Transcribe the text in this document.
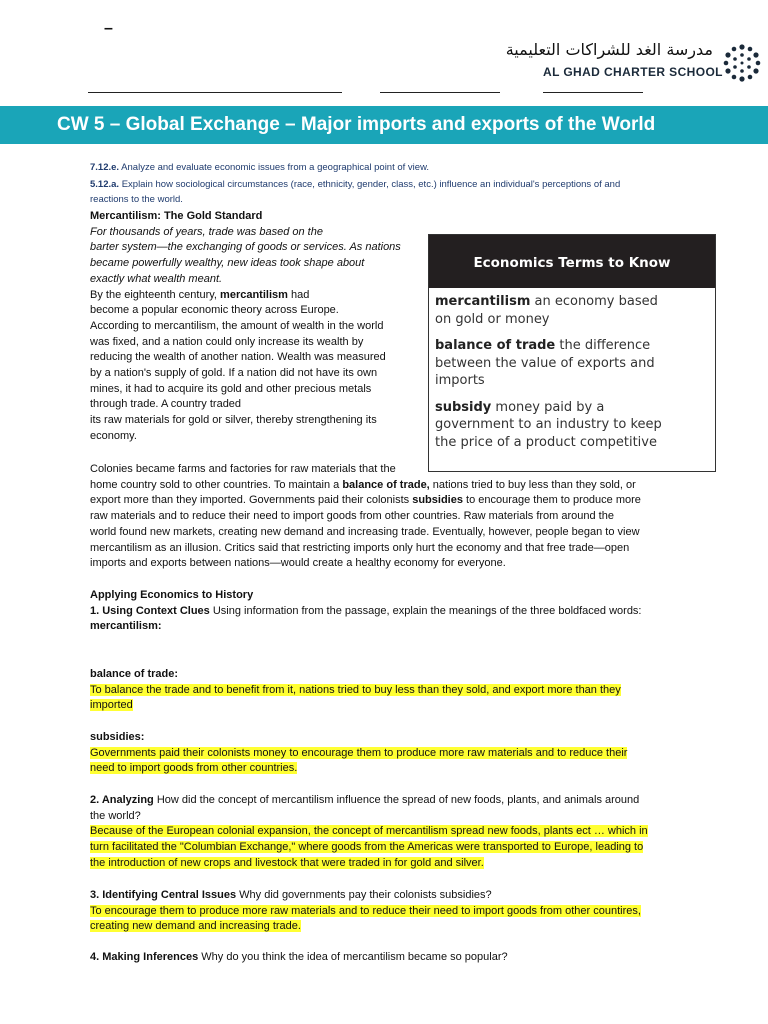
–
مدرسة الغد للشراكات التعليمية
AL GHAD CHARTER SCHOOL
CW 5 – Global Exchange – Major imports and exports of the World
7.12.e. Analyze and evaluate economic issues from a geographical point of view.
5.12.a. Explain how sociological circumstances (race, ethnicity, gender, class, etc.) influence an individual's perceptions of and
reactions to the world.
Mercantilism: The Gold Standard
For thousands of years, trade was based on the
barter system—the exchanging of goods or services. As nations
became powerfully wealthy, new ideas took shape about
exactly what wealth meant.
By the eighteenth century, mercantilism had
become a popular economic theory across Europe.
According to mercantilism, the amount of wealth in the world
was fixed, and a nation could only increase its wealth by
reducing the wealth of another nation. Wealth was measured
by a nation's supply of gold. If a nation did not have its own
mines, it had to acquire its gold and other precious metals
through trade. A country traded
its raw materials for gold or silver, thereby strengthening its
economy.
Economics Terms to Know
mercantilism an economy based
on gold or money
balance of trade the difference
between the value of exports and
imports
subsidy money paid by a
government to an industry to keep
the price of a product competitive
Colonies became farms and factories for raw materials that the
home country sold to other countries. To maintain a balance of trade, nations tried to buy less than they sold, or
export more than they imported. Governments paid their colonists subsidies to encourage them to produce more
raw materials and to reduce their need to import goods from other countries. Raw materials from around the
world found new markets, creating new demand and increasing trade. Eventually, however, people began to view
mercantilism as an illusion. Critics said that restricting imports only hurt the economy and that free trade—open
imports and exports between nations—would create a healthy economy for everyone.
Applying Economics to History
1. Using Context Clues Using information from the passage, explain the meanings of the three boldfaced words:
mercantilism:
balance of trade:
To balance the trade and to benefit from it, nations tried to buy less than they sold, and export more than they
imported
subsidies:
Governments paid their colonists money to encourage them to produce more raw materials and to reduce their
need to import goods from other countries.
2. Analyzing How did the concept of mercantilism influence the spread of new foods, plants, and animals around
the world?
Because of the European colonial expansion, the concept of mercantilism spread new foods, plants ect … which in
turn facilitated the "Columbian Exchange," where goods from the Americas were transported to Europe, leading to
the introduction of new crops and livestock that were traded in for gold and silver.
3. Identifying Central Issues Why did governments pay their colonists subsidies?
To encourage them to produce more raw materials and to reduce their need to import goods from other countires,
creating new demand and increasing trade.
4. Making Inferences Why do you think the idea of mercantilism became so popular?
